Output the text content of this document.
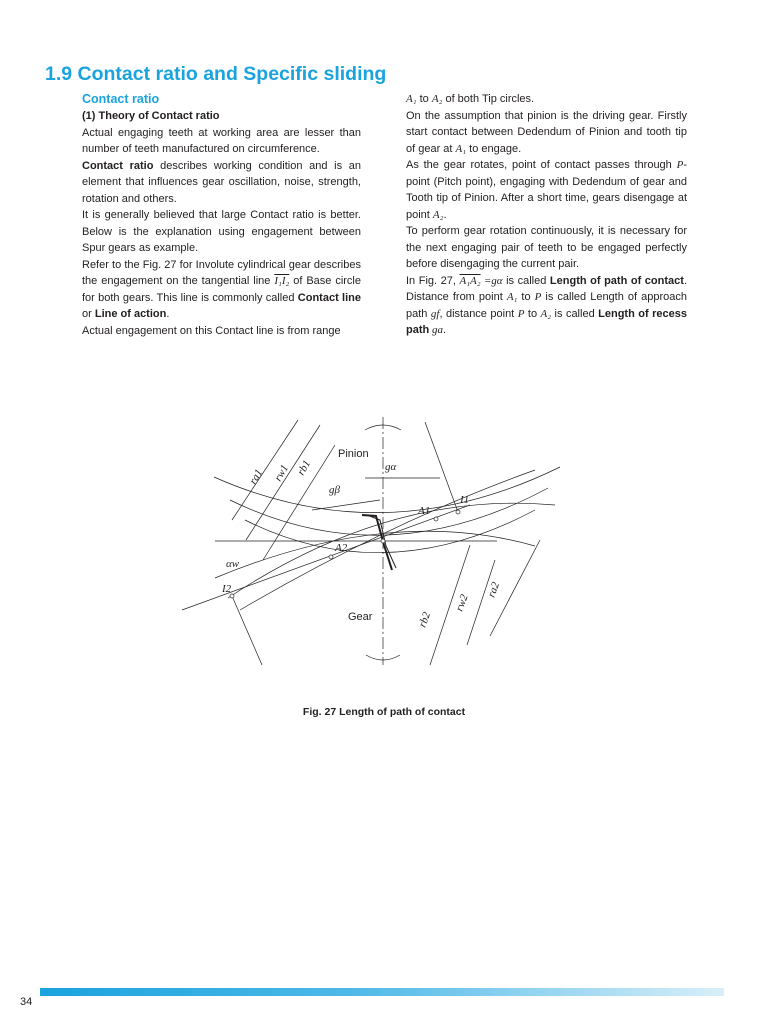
1.9 Contact ratio and Specific sliding

Contact ratio

(1) Theory of Contact ratio

Actual engaging teeth at working area are lesser than number of teeth manufactured on circumference.

Contact ratio describes working condition and is an element that influences gear oscillation, noise, strength, rotation and others.

It is generally believed that large Contact ratio is better. Below is the explanation using engagement between Spur gears as example.

Refer to the Fig. 27 for Involute cylindrical gear describes the engagement on the tangential line I₁I₂ of Base circle for both gears. This line is commonly called Contact line or Line of action.

Actual engagement on this Contact line is from range

A₁ to A₂ of both Tip circles.

On the assumption that pinion is the driving gear. Firstly start contact between Dedendum of Pinion and tooth tip of gear at A₁ to engage.

As the gear rotates, point of contact passes through P-point (Pitch point), engaging with Dedendum of gear and Tooth tip of Pinion. After a short time, gears disengage at point A₂.

To perform gear rotation continuously, it is necessary for the next engaging pair of teeth to be engaged perfectly before disengaging the current pair.

In Fig. 27, A₁A₂ =gα is called Length of path of contact. Distance from point A₁ to P is called Length of approach path gf, distance point P to A₂ is called Length of recess path ga.

Pinion
Gear
ra1 rw1 rb1
rb2
rw2
ra2
gα
gβ
A1
A2
I1
I2
αw
Fig. 27 Length of path of contact
34
